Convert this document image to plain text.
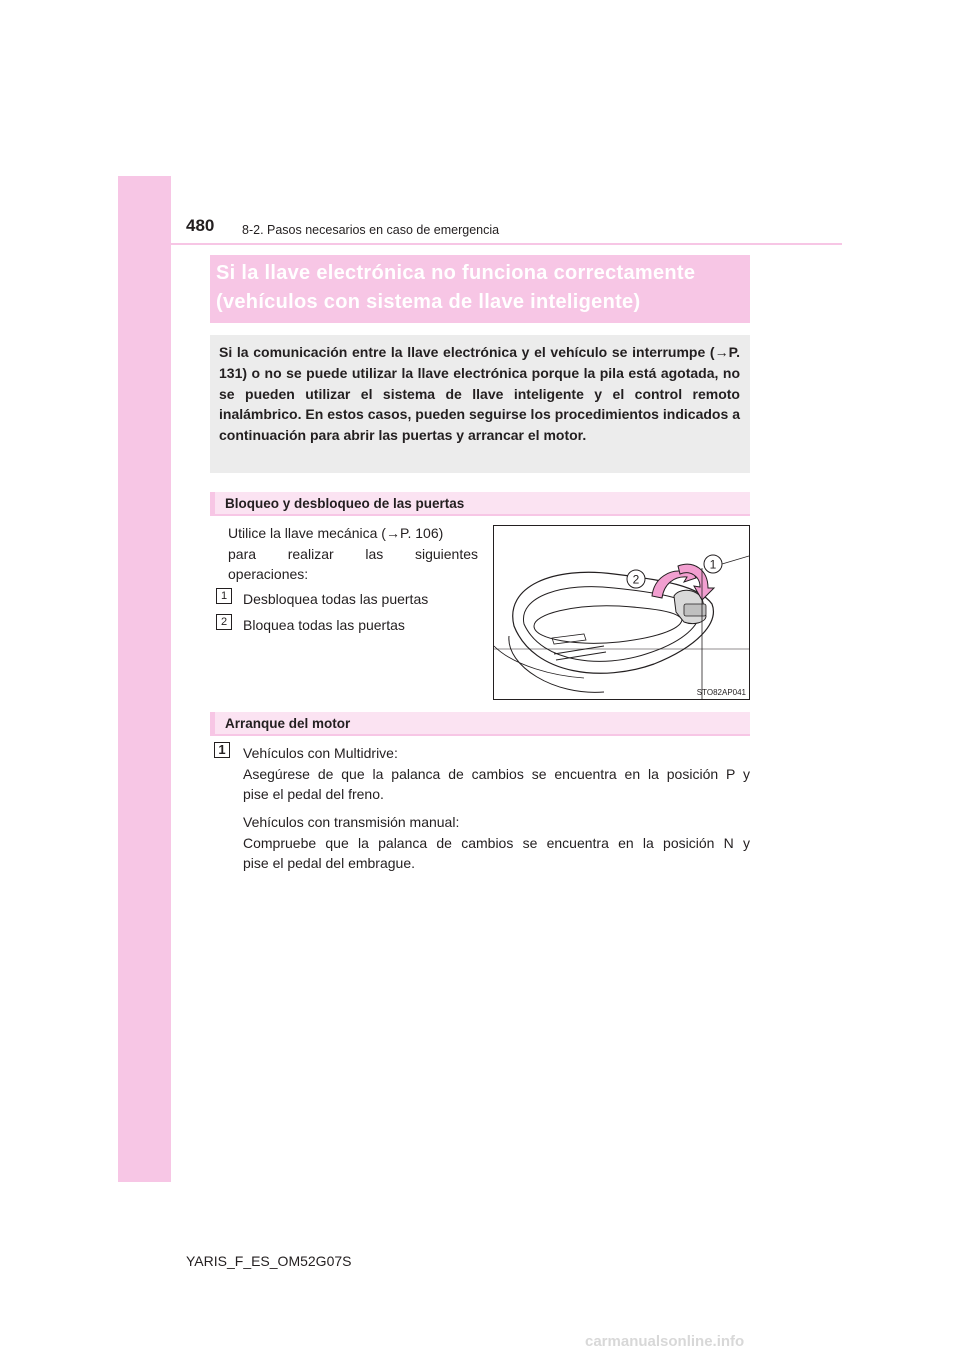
480 8-2. Pasos necesarios en caso de emergencia
Si la llave electrónica no funciona correctamente
(vehículos con sistema de llave inteligente)
Si la comunicación entre la llave electrónica y el vehículo se interrumpe (→P. 131) o no se puede utilizar la llave electrónica porque la pila está agotada, no se pueden utilizar el sistema de llave inteligente y el control remoto inalámbrico. En estos casos, pueden seguirse los procedimientos indicados a continuación para abrir las puertas y arrancar el motor.
Bloqueo y desbloqueo de las puertas
Utilice la llave mecánica (→P. 106)
para realizar las siguientes
operaciones:
1	Desbloquea todas las puertas
2	Bloquea todas las puertas
2
1
STO82AP041
Arranque del motor
1	Vehículos con Multidrive:
Asegúrese de que la palanca de cambios se encuentra en la posición P y
pise el pedal del freno.
Vehículos con transmisión manual:
Compruebe que la palanca de cambios se encuentra en la posición N y
pise el pedal del embrague.
YARIS_F_ES_OM52G07S
carmanualsonline.info
